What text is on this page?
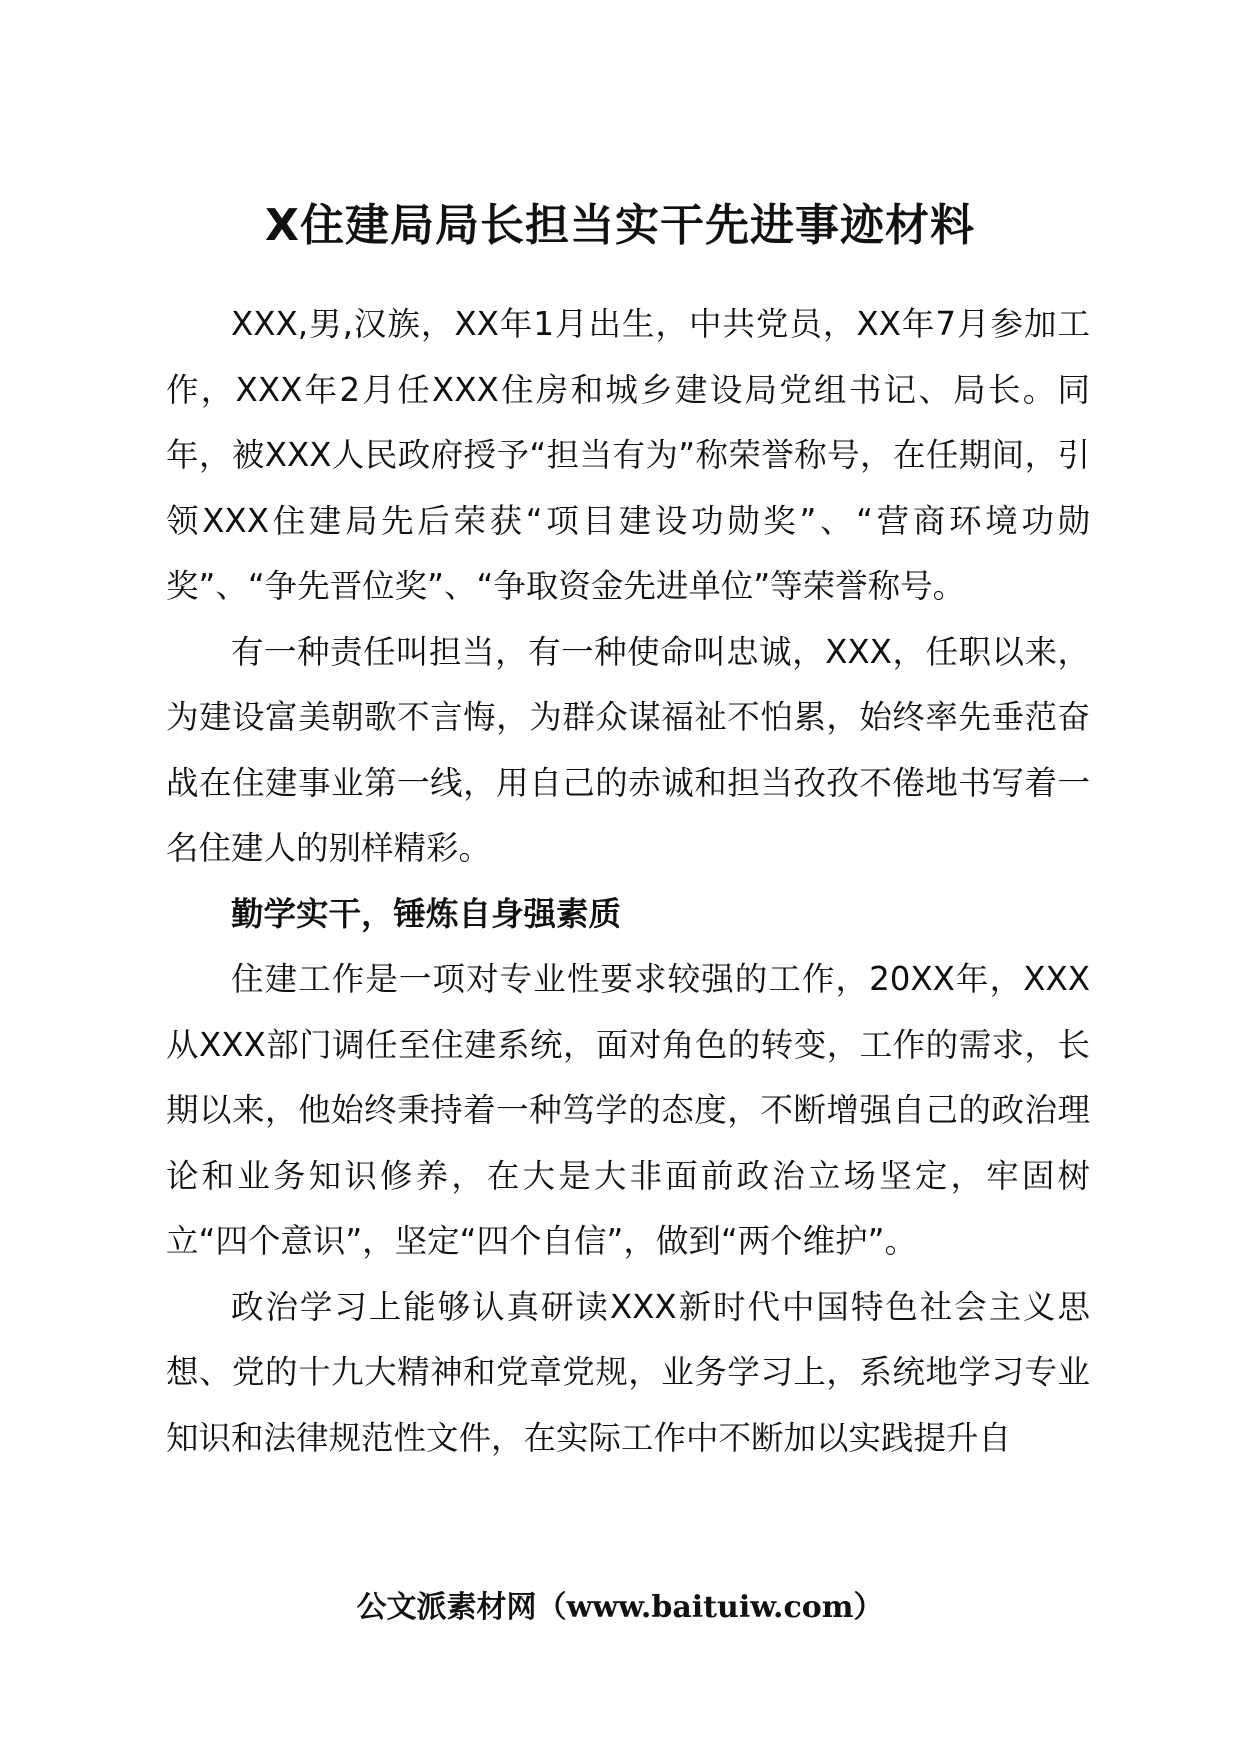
X住建局局长担当实干先进事迹材料

XXX,男,汉族，XX年1月出生，中共党员，XX年7月参加工作，XXX年2月任XXX住房和城乡建设局党组书记、局长。同年，被XXX人民政府授予“担当有为”称荣誉称号，在任期间，引领XXX住建局先后荣获“项目建设功勋奖”、“营商环境功勋奖”、“争先晋位奖”、“争取资金先进单位”等荣誉称号。

有一种责任叫担当，有一种使命叫忠诚，XXX，任职以来，为建设富美朝歌不言悔，为群众谋福祉不怕累，始终率先垂范奋战在住建事业第一线，用自己的赤诚和担当孜孜不倦地书写着一名住建人的别样精彩。

勤学实干，锤炼自身强素质

住建工作是一项对专业性要求较强的工作，20XX年，XXX从XXX部门调任至住建系统，面对角色的转变，工作的需求，长期以来，他始终秉持着一种笃学的态度，不断增强自己的政治理论和业务知识修养，在大是大非面前政治立场坚定，牢固树立“四个意识”，坚定“四个自信”，做到“两个维护”。

政治学习上能够认真研读XXX新时代中国特色社会主义思想、党的十九大精神和党章党规，业务学习上，系统地学习专业知识和法律规范性文件，在实际工作中不断加以实践提升自

公文派素材网（www.baituiw.com）
